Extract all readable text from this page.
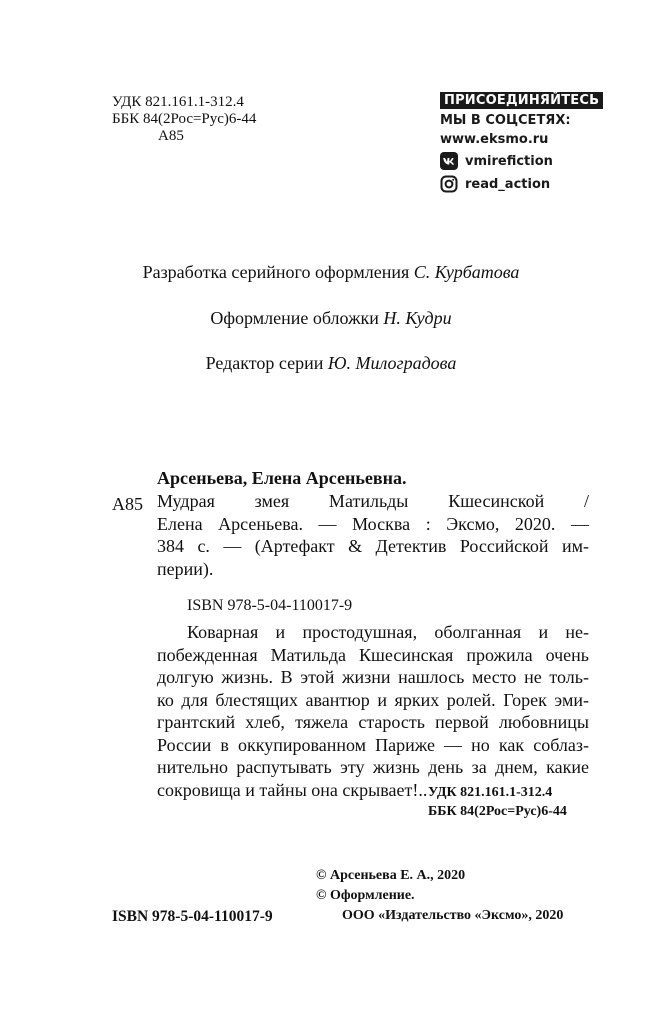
УДК 821.161.1-312.4
ББК 84(2Рос=Рус)6-44
А85
ПРИСОЕДИНЯЙТЕСЬ
МЫ В СОЦСЕТЯХ:
www.eksmo.ru
vmirefiction
read_action
Разработка серийного оформления С. Курбатова
Оформление обложки Н. Кудри
Редактор серии Ю. Милоградова
Арсеньева, Елена Арсеньевна.
А85 Мудрая змея Матильды Кшесинской /
Елена Арсеньева. — Москва : Эксмо, 2020. —
384 с. — (Артефакт & Детектив Российской им-
перии).
ISBN 978-5-04-110017-9
Коварная и простодушная, оболганная и не-
побежденная Матильда Кшесинская прожила очень
долгую жизнь. В этой жизни нашлось место не толь-
ко для блестящих авантюр и ярких ролей. Горек эми-
грантский хлеб, тяжела старость первой любовницы
России в оккупированном Париже — но как соблаз-
нительно распутывать эту жизнь день за днем, какие
сокровища и тайны она скрывает!.. УДК 821.161.1-312.4
ББК 84(2Рос=Рус)6-44
© Арсеньева Е. А., 2020
© Оформление.
ООО «Издательство «Эксмо», 2020
ISBN 978-5-04-110017-9
